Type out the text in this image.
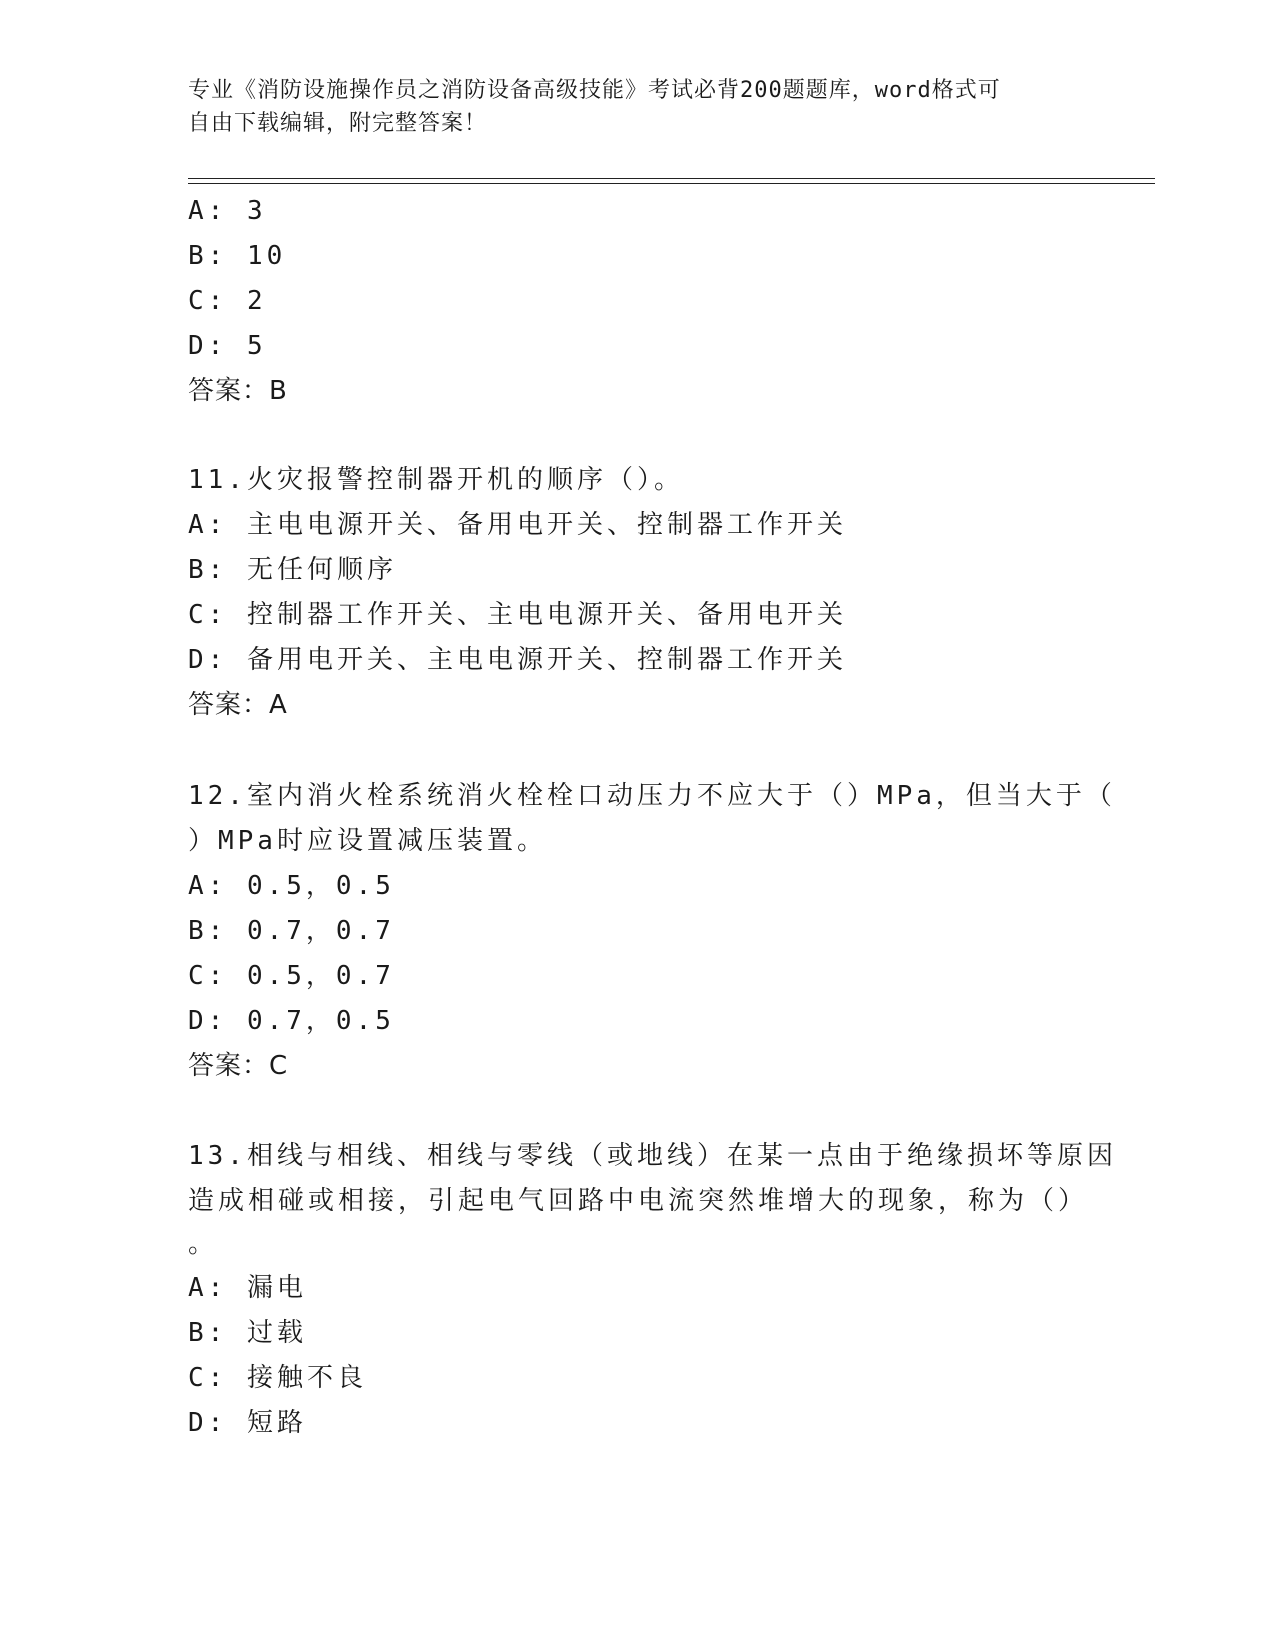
专业《消防设施操作员之消防设备高级技能》考试必背200题题库，word格式可
自由下载编辑，附完整答案！
A: 3
B: 10
C: 2
D: 5
答案：B
11.火灾报警控制器开机的顺序（）。
A: 主电电源开关、备用电开关、控制器工作开关
B: 无任何顺序
C: 控制器工作开关、主电电源开关、备用电开关
D: 备用电开关、主电电源开关、控制器工作开关
答案：A
12.室内消火栓系统消火栓栓口动压力不应大于（）MPa，但当大于（
）MPa时应设置减压装置。
A: 0.5，0.5
B: 0.7，0.7
C: 0.5，0.7
D: 0.7，0.5
答案：C
13.相线与相线、相线与零线（或地线）在某一点由于绝缘损坏等原因
造成相碰或相接，引起电气回路中电流突然堆增大的现象，称为（）
。
A: 漏电
B: 过载
C: 接触不良
D: 短路
